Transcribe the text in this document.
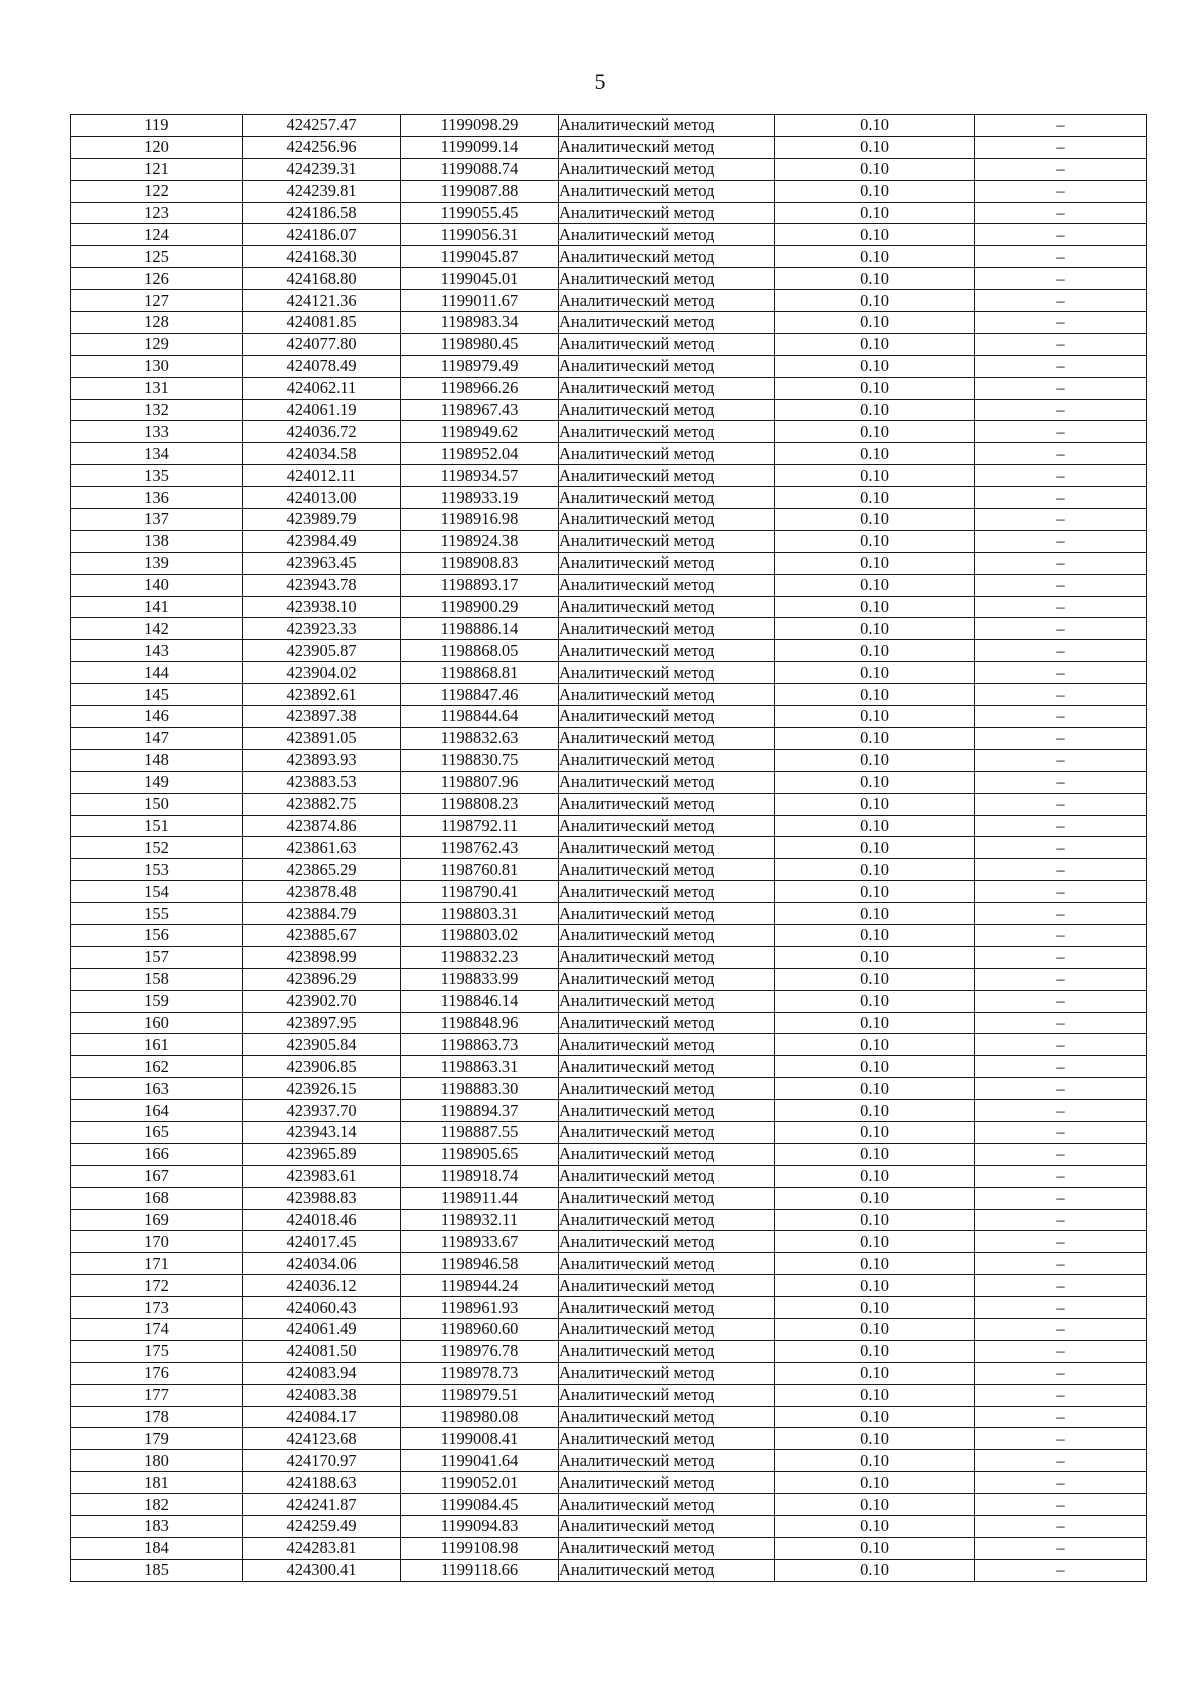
5
119	424257.47	1199098.29	Аналитический метод	0.10	–
120	424256.96	1199099.14	Аналитический метод	0.10	–
121	424239.31	1199088.74	Аналитический метод	0.10	–
122	424239.81	1199087.88	Аналитический метод	0.10	–
123	424186.58	1199055.45	Аналитический метод	0.10	–
124	424186.07	1199056.31	Аналитический метод	0.10	–
125	424168.30	1199045.87	Аналитический метод	0.10	–
126	424168.80	1199045.01	Аналитический метод	0.10	–
127	424121.36	1199011.67	Аналитический метод	0.10	–
128	424081.85	1198983.34	Аналитический метод	0.10	–
129	424077.80	1198980.45	Аналитический метод	0.10	–
130	424078.49	1198979.49	Аналитический метод	0.10	–
131	424062.11	1198966.26	Аналитический метод	0.10	–
132	424061.19	1198967.43	Аналитический метод	0.10	–
133	424036.72	1198949.62	Аналитический метод	0.10	–
134	424034.58	1198952.04	Аналитический метод	0.10	–
135	424012.11	1198934.57	Аналитический метод	0.10	–
136	424013.00	1198933.19	Аналитический метод	0.10	–
137	423989.79	1198916.98	Аналитический метод	0.10	–
138	423984.49	1198924.38	Аналитический метод	0.10	–
139	423963.45	1198908.83	Аналитический метод	0.10	–
140	423943.78	1198893.17	Аналитический метод	0.10	–
141	423938.10	1198900.29	Аналитический метод	0.10	–
142	423923.33	1198886.14	Аналитический метод	0.10	–
143	423905.87	1198868.05	Аналитический метод	0.10	–
144	423904.02	1198868.81	Аналитический метод	0.10	–
145	423892.61	1198847.46	Аналитический метод	0.10	–
146	423897.38	1198844.64	Аналитический метод	0.10	–
147	423891.05	1198832.63	Аналитический метод	0.10	–
148	423893.93	1198830.75	Аналитический метод	0.10	–
149	423883.53	1198807.96	Аналитический метод	0.10	–
150	423882.75	1198808.23	Аналитический метод	0.10	–
151	423874.86	1198792.11	Аналитический метод	0.10	–
152	423861.63	1198762.43	Аналитический метод	0.10	–
153	423865.29	1198760.81	Аналитический метод	0.10	–
154	423878.48	1198790.41	Аналитический метод	0.10	–
155	423884.79	1198803.31	Аналитический метод	0.10	–
156	423885.67	1198803.02	Аналитический метод	0.10	–
157	423898.99	1198832.23	Аналитический метод	0.10	–
158	423896.29	1198833.99	Аналитический метод	0.10	–
159	423902.70	1198846.14	Аналитический метод	0.10	–
160	423897.95	1198848.96	Аналитический метод	0.10	–
161	423905.84	1198863.73	Аналитический метод	0.10	–
162	423906.85	1198863.31	Аналитический метод	0.10	–
163	423926.15	1198883.30	Аналитический метод	0.10	–
164	423937.70	1198894.37	Аналитический метод	0.10	–
165	423943.14	1198887.55	Аналитический метод	0.10	–
166	423965.89	1198905.65	Аналитический метод	0.10	–
167	423983.61	1198918.74	Аналитический метод	0.10	–
168	423988.83	1198911.44	Аналитический метод	0.10	–
169	424018.46	1198932.11	Аналитический метод	0.10	–
170	424017.45	1198933.67	Аналитический метод	0.10	–
171	424034.06	1198946.58	Аналитический метод	0.10	–
172	424036.12	1198944.24	Аналитический метод	0.10	–
173	424060.43	1198961.93	Аналитический метод	0.10	–
174	424061.49	1198960.60	Аналитический метод	0.10	–
175	424081.50	1198976.78	Аналитический метод	0.10	–
176	424083.94	1198978.73	Аналитический метод	0.10	–
177	424083.38	1198979.51	Аналитический метод	0.10	–
178	424084.17	1198980.08	Аналитический метод	0.10	–
179	424123.68	1199008.41	Аналитический метод	0.10	–
180	424170.97	1199041.64	Аналитический метод	0.10	–
181	424188.63	1199052.01	Аналитический метод	0.10	–
182	424241.87	1199084.45	Аналитический метод	0.10	–
183	424259.49	1199094.83	Аналитический метод	0.10	–
184	424283.81	1199108.98	Аналитический метод	0.10	–
185	424300.41	1199118.66	Аналитический метод	0.10	–
